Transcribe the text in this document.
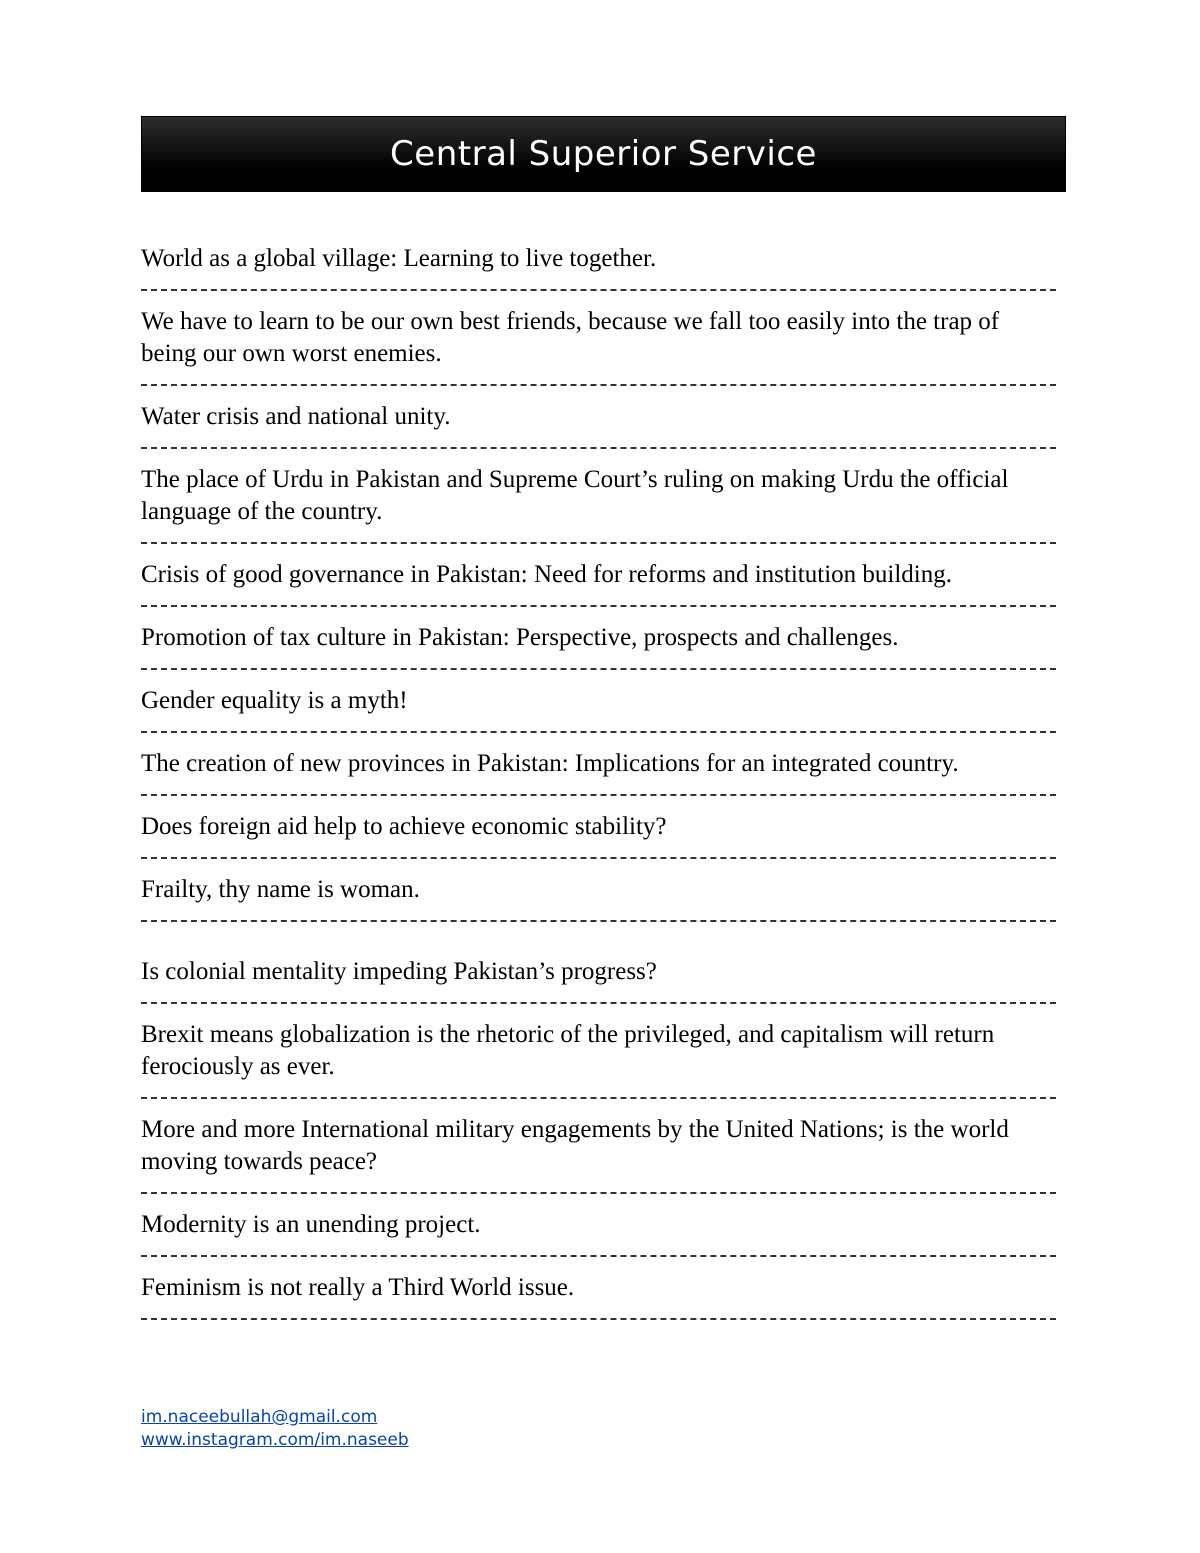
Central Superior Service
World as a global village: Learning to live together.
We have to learn to be our own best friends, because we fall too easily into the trap of being our own worst enemies.
Water crisis and national unity.
The place of Urdu in Pakistan and Supreme Court’s ruling on making Urdu the official language of the country.
Crisis of good governance in Pakistan: Need for reforms and institution building.
Promotion of tax culture in Pakistan: Perspective, prospects and challenges.
Gender equality is a myth!
The creation of new provinces in Pakistan: Implications for an integrated country.
Does foreign aid help to achieve economic stability?
Frailty, thy name is woman.
Is colonial mentality impeding Pakistan’s progress?
Brexit means globalization is the rhetoric of the privileged, and capitalism will return ferociously as ever.
More and more International military engagements by the United Nations; is the world moving towards peace?
Modernity is an unending project.
Feminism is not really a Third World issue.
im.naceebullah@gmail.com
www.instagram.com/im.naseeb
